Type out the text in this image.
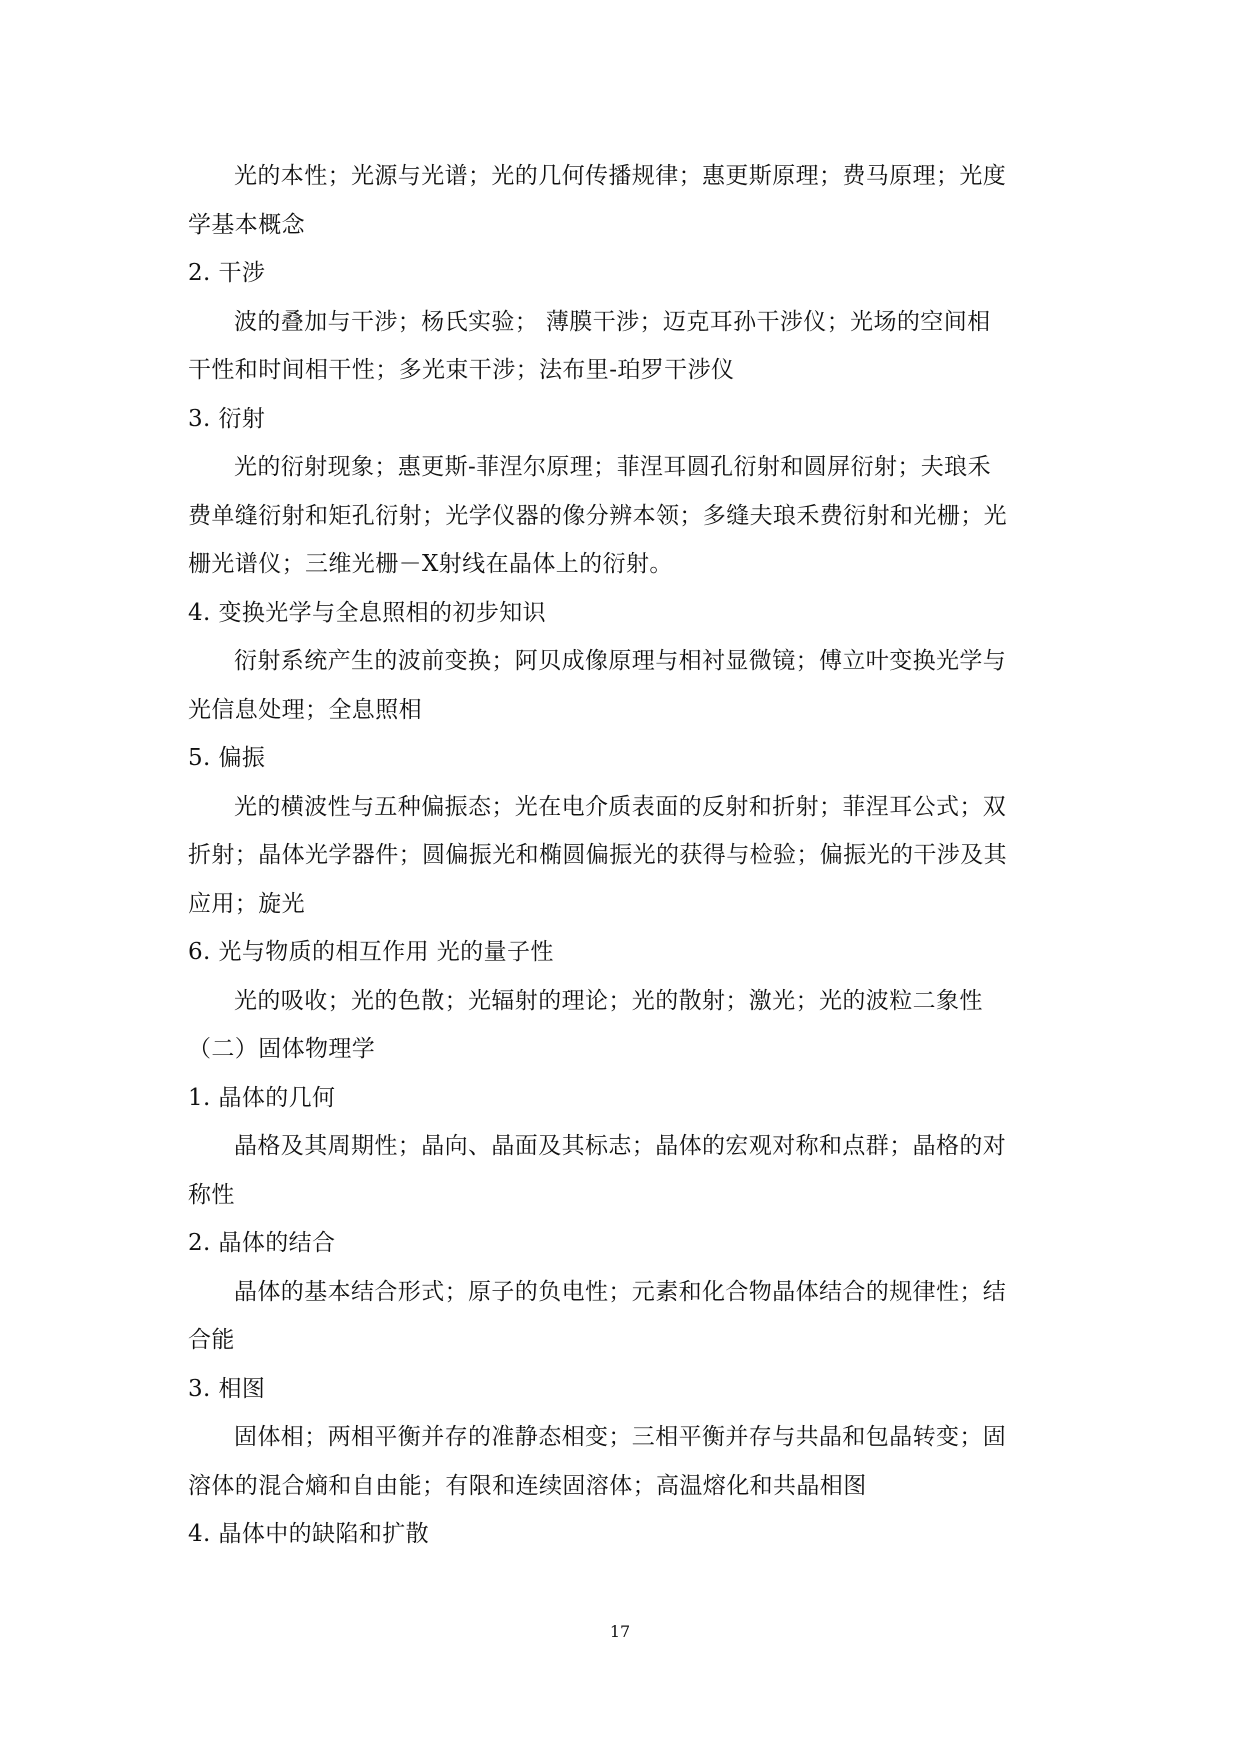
光的本性；光源与光谱；光的几何传播规律；惠更斯原理；费马原理；光度
学基本概念
2. 干涉
波的叠加与干涉；杨氏实验； 薄膜干涉；迈克耳孙干涉仪；光场的空间相
干性和时间相干性；多光束干涉；法布里-珀罗干涉仪
3. 衍射
光的衍射现象；惠更斯-菲涅尔原理；菲涅耳圆孔衍射和圆屏衍射；夫琅禾
费单缝衍射和矩孔衍射；光学仪器的像分辨本领；多缝夫琅禾费衍射和光栅；光
栅光谱仪；三维光栅－X射线在晶体上的衍射。
4. 变换光学与全息照相的初步知识
衍射系统产生的波前变换；阿贝成像原理与相衬显微镜；傅立叶变换光学与
光信息处理；全息照相
5. 偏振
光的横波性与五种偏振态；光在电介质表面的反射和折射；菲涅耳公式；双
折射；晶体光学器件；圆偏振光和椭圆偏振光的获得与检验；偏振光的干涉及其
应用；旋光
6. 光与物质的相互作用 光的量子性
光的吸收；光的色散；光辐射的理论；光的散射；激光；光的波粒二象性
（二）固体物理学
1. 晶体的几何
晶格及其周期性；晶向、晶面及其标志；晶体的宏观对称和点群；晶格的对
称性
2. 晶体的结合
晶体的基本结合形式；原子的负电性；元素和化合物晶体结合的规律性；结
合能
3. 相图
固体相；两相平衡并存的准静态相变；三相平衡并存与共晶和包晶转变；固
溶体的混合熵和自由能；有限和连续固溶体；高温熔化和共晶相图
4. 晶体中的缺陷和扩散
17
